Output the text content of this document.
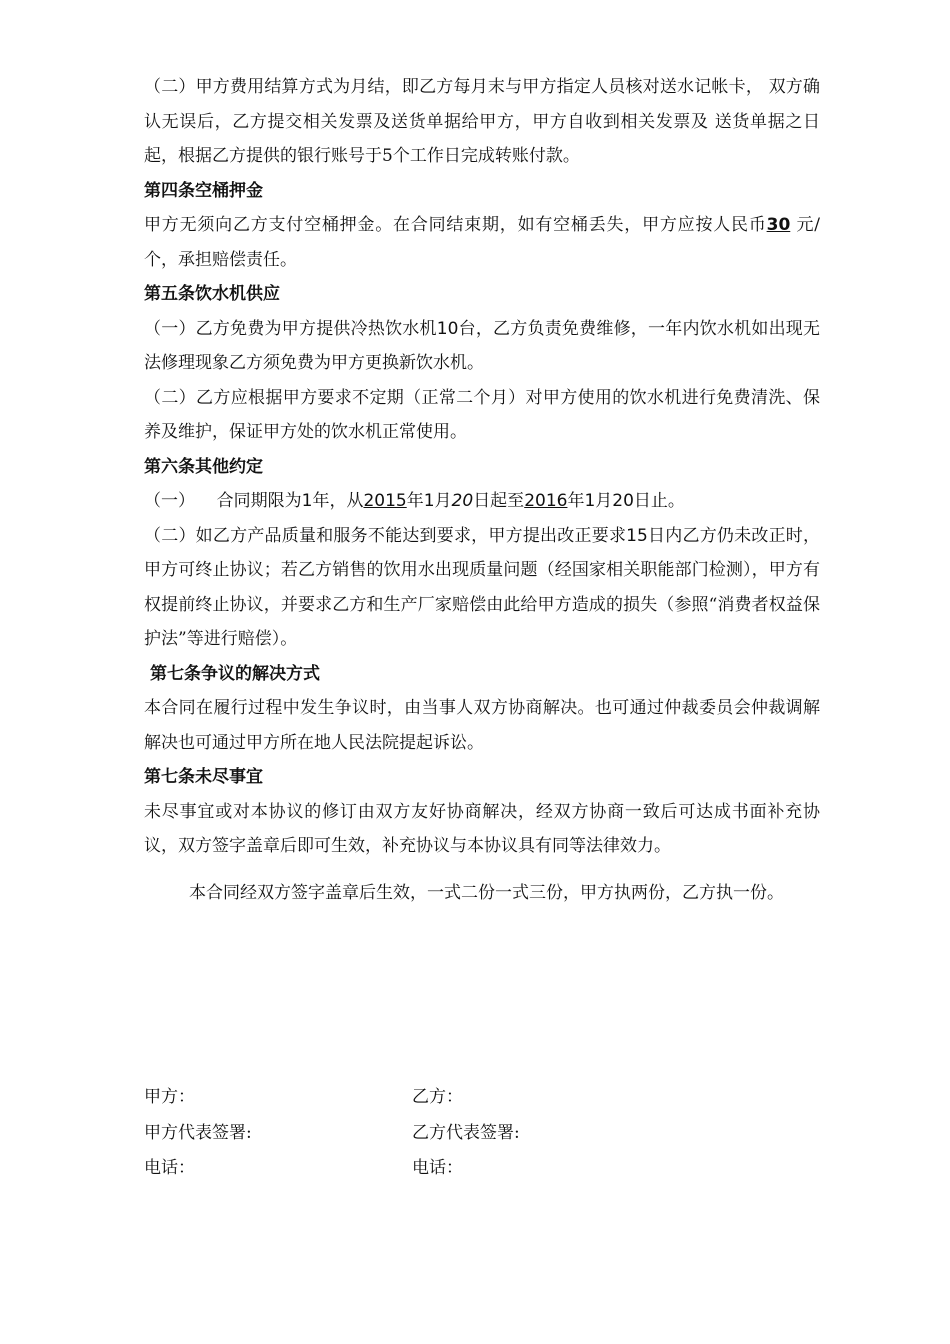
（二）甲方费用结算方式为月结，即乙方每月末与甲方指定人员核对送水记帐卡， 双方确认无误后，乙方提交相关发票及送货单据给甲方，甲方自收到相关发票及 送货单据之日起，根据乙方提供的银行账号于5个工作日完成转账付款。

第四条空桶押金

甲方无须向乙方支付空桶押金。在合同结束期，如有空桶丢失，甲方应按人民币30 元/个，承担赔偿责任。

第五条饮水机供应

（一）乙方免费为甲方提供冷热饮水机10台，乙方负责免费维修，一年内饮水机如出现无法修理现象乙方须免费为甲方更换新饮水机。

（二）乙方应根据甲方要求不定期（正常二个月）对甲方使用的饮水机进行免费清洗、保养及维护，保证甲方处的饮水机正常使用。

第六条其他约定

（一）    合同期限为1年，从2015年1月20日起至2016年1月20日止。

（二）如乙方产品质量和服务不能达到要求，甲方提出改正要求15日内乙方仍未改正时，甲方可终止协议；若乙方销售的饮用水出现质量问题（经国家相关职能部门检测），甲方有权提前终止协议，并要求乙方和生产厂家赔偿由此给甲方造成的损失（参照“消费者权益保护法”等进行赔偿）。

第七条争议的解决方式

本合同在履行过程中发生争议时，由当事人双方协商解决。也可通过仲裁委员会仲裁调解解决也可通过甲方所在地人民法院提起诉讼。

第七条未尽事宜

未尽事宜或对本协议的修订由双方友好协商解决，经双方协商一致后可达成书面补充协议，双方签字盖章后即可生效，补充协议与本协议具有同等法律效力。

本合同经双方签字盖章后生效，一式二份一式三份，甲方执两份，乙方执一份。

甲方：	乙方：
甲方代表签署:	乙方代表签署:
电话：	电话：
